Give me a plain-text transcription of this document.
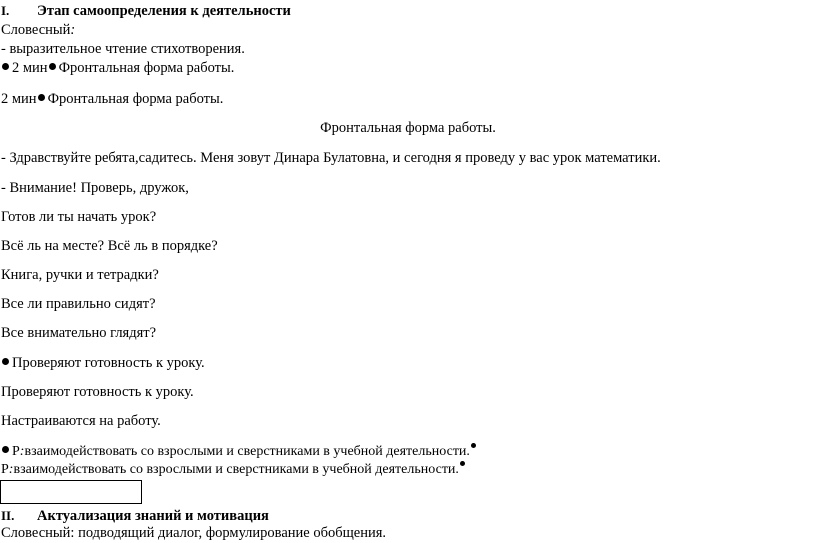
I. Этап самоопределения к деятельности
Словесный:
- выразительное чтение стихотворения.
2 мин Фронтальная форма работы.
2 мин Фронтальная форма работы.
Фронтальная форма работы.
- Здравствуйте ребята,садитесь. Меня зовут Динара Булатовна, и сегодня я проведу у вас урок математики.
- Внимание! Проверь, дружок,
Готов ли ты начать урок?
Всё ль на месте? Всё ль в порядке?
Книга, ручки и тетрадки?
Все ли правильно сидят?
Все внимательно глядят?
Проверяют готовность к уроку.
Проверяют готовность к уроку.
Настраиваются на работу.
Р:взаимодействовать со взрослыми и сверстниками в учебной деятельности.
Р:взаимодействовать со взрослыми и сверстниками в учебной деятельности.
II. Актуализация знаний и мотивация
Словесный: подводящий диалог, формулирование обобщения.
